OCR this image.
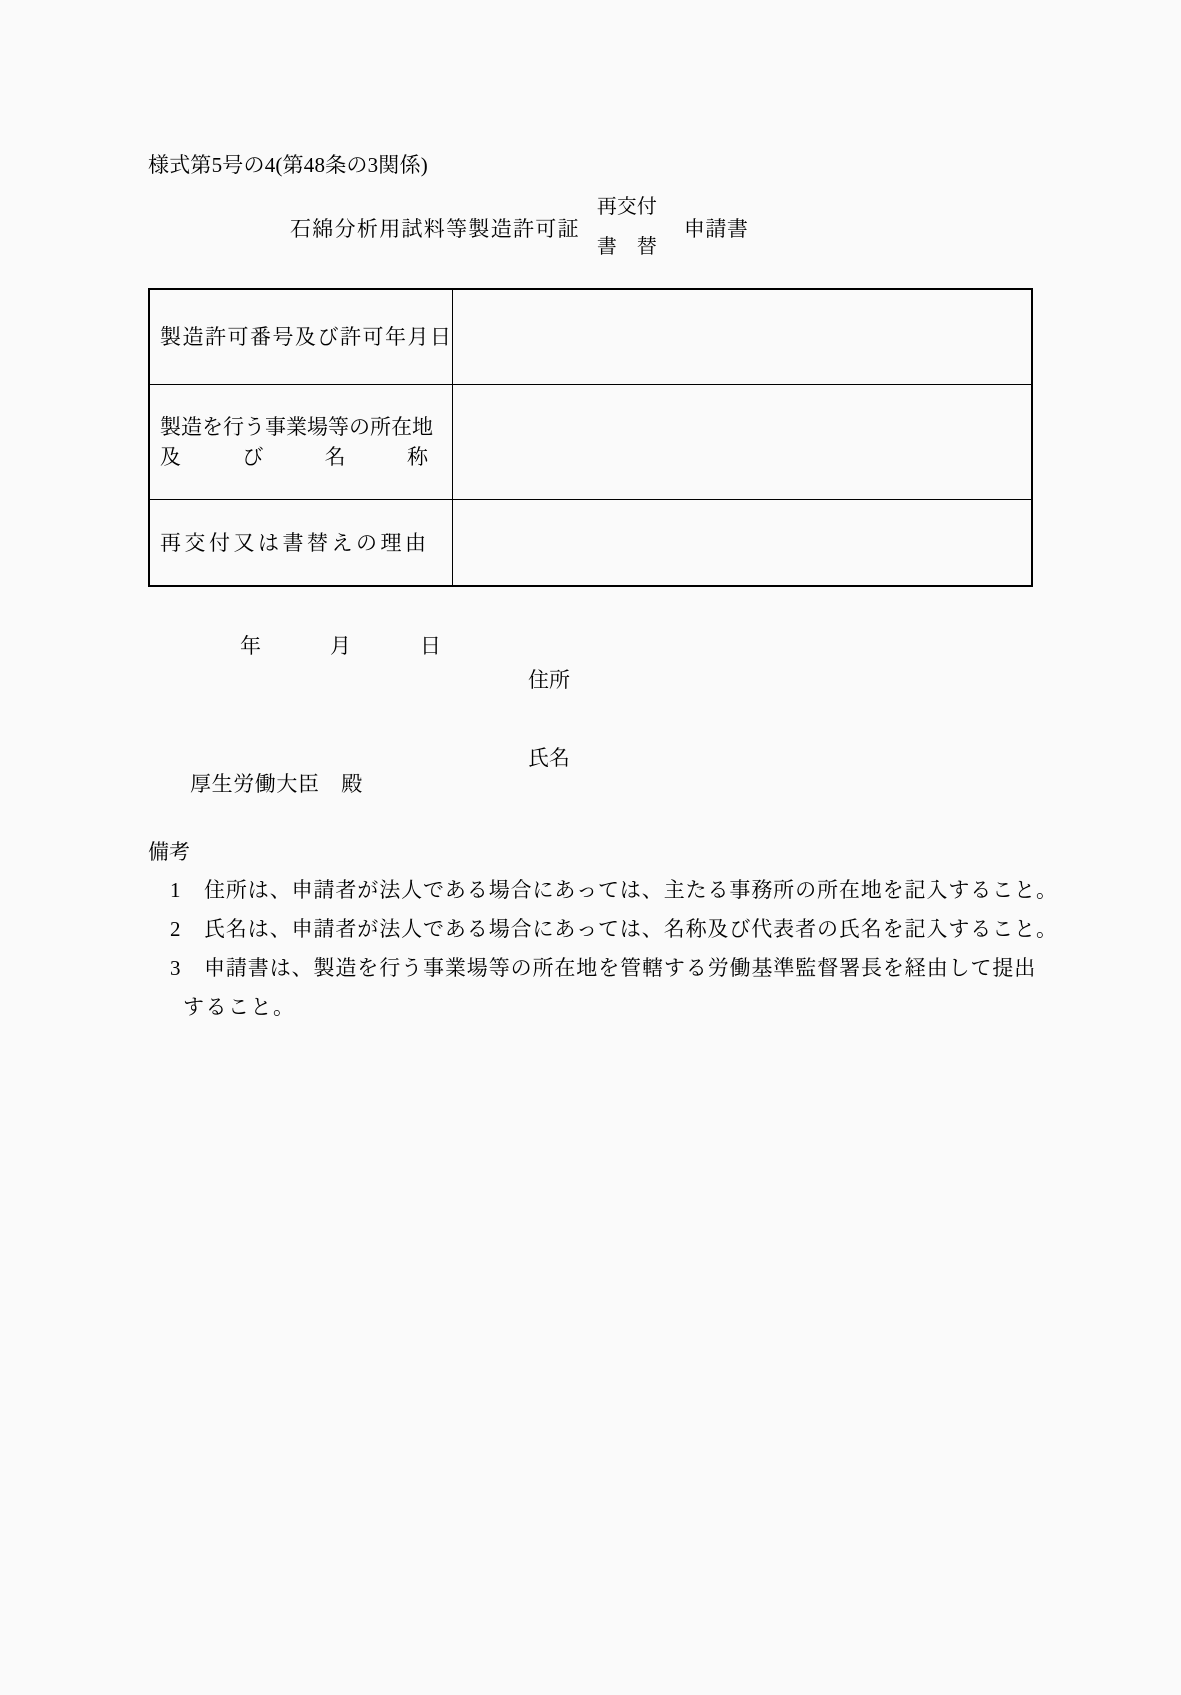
様式第5号の4(第48条の3関係)
石綿分析用試料等製造許可証
再交付
書　替
申請書
製造許可番号及び許可年月日
製造を行う事業場等の所在地
及	び	名	称
再交付又は書替えの理由
年	月	日
住所
氏名
厚生労働大臣　殿
備考
1 住所は、申請者が法人である場合にあっては、主たる事務所の所在地を記入すること。
2 氏名は、申請者が法人である場合にあっては、名称及び代表者の氏名を記入すること。
3 申請書は、製造を行う事業場等の所在地を管轄する労働基準監督署長を経由して提出
すること。
